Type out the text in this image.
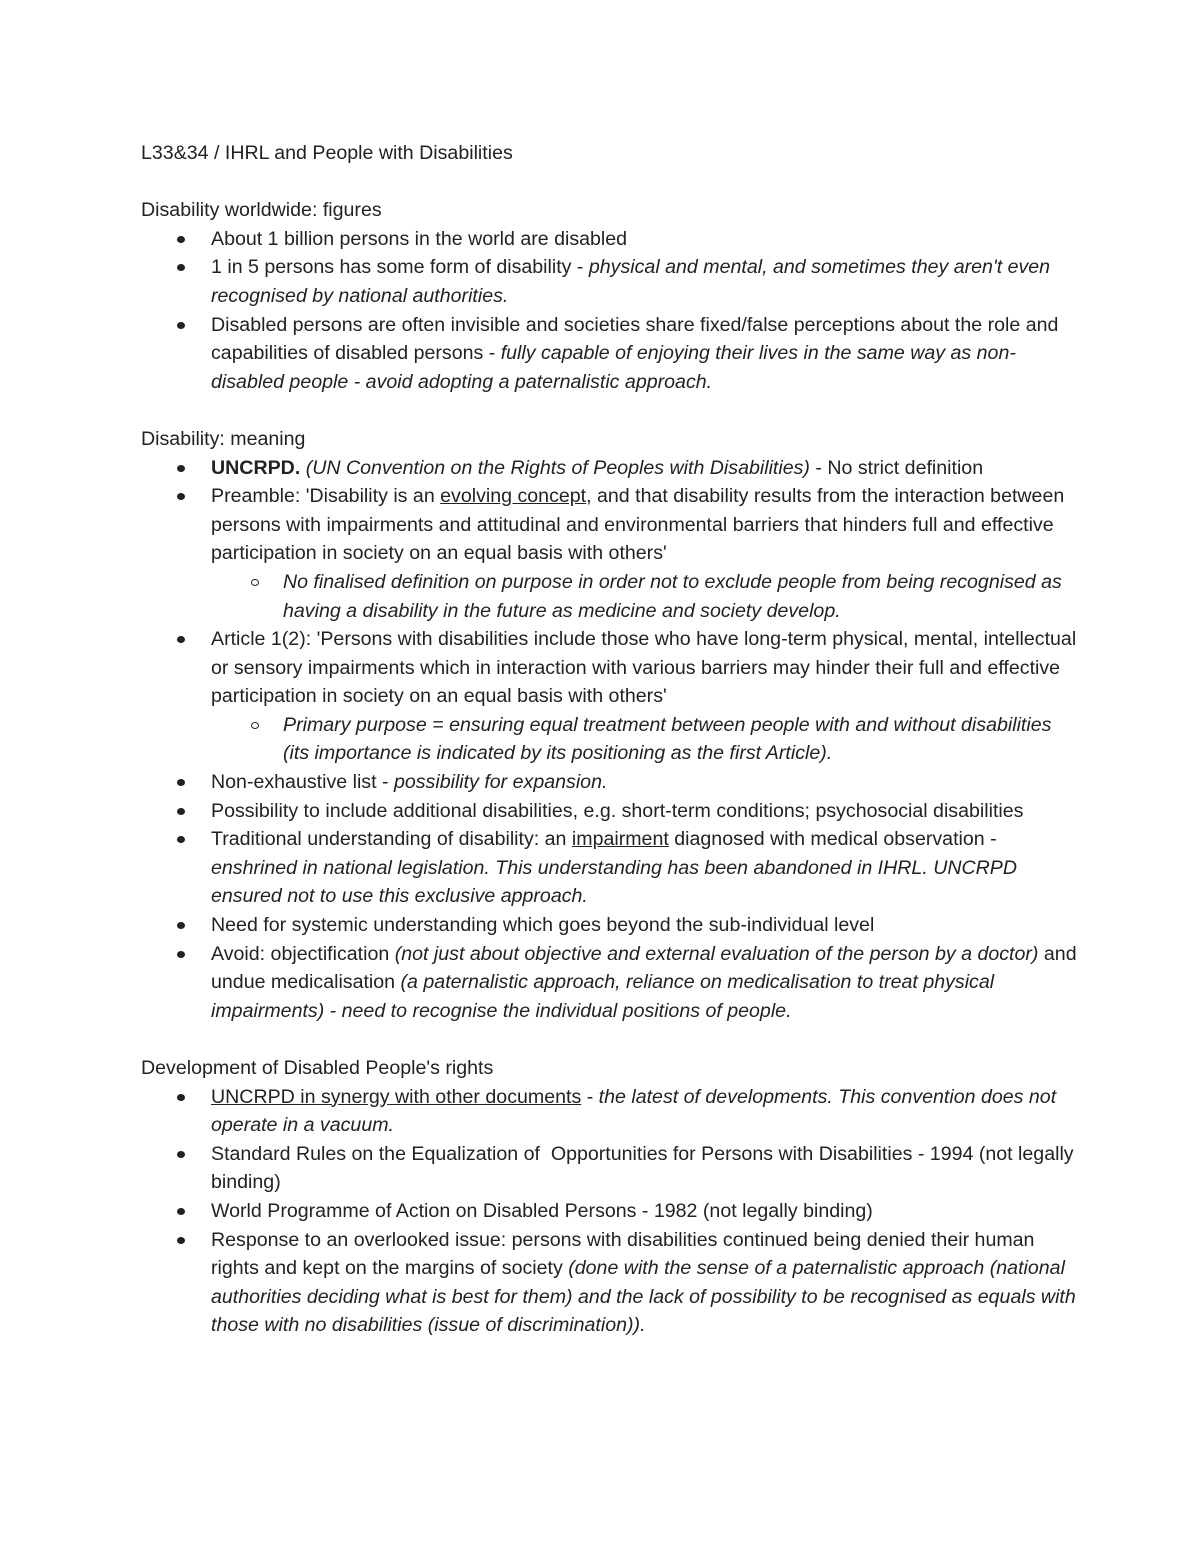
L33&34 / IHRL and People with Disabilities

Disability worldwide: figures

About 1 billion persons in the world are disabled
1 in 5 persons has some form of disability - physical and mental, and sometimes they aren't even recognised by national authorities.
Disabled persons are often invisible and societies share fixed/false perceptions about the role and capabilities of disabled persons - fully capable of enjoying their lives in the same way as non-disabled people - avoid adopting a paternalistic approach.

Disability: meaning

UNCRPD. (UN Convention on the Rights of Peoples with Disabilities) - No strict definition
Preamble: 'Disability is an evolving concept, and that disability results from the interaction between persons with impairments and attitudinal and environmental barriers that hinders full and effective participation in society on an equal basis with others'
No finalised definition on purpose in order not to exclude people from being recognised as having a disability in the future as medicine and society develop.
Article 1(2): 'Persons with disabilities include those who have long-term physical, mental, intellectual or sensory impairments which in interaction with various barriers may hinder their full and effective participation in society on an equal basis with others'
Primary purpose = ensuring equal treatment between people with and without disabilities (its importance is indicated by its positioning as the first Article).
Non-exhaustive list - possibility for expansion.
Possibility to include additional disabilities, e.g. short-term conditions; psychosocial disabilities
Traditional understanding of disability: an impairment diagnosed with medical observation - enshrined in national legislation. This understanding has been abandoned in IHRL. UNCRPD ensured not to use this exclusive approach.
Need for systemic understanding which goes beyond the sub-individual level
Avoid: objectification (not just about objective and external evaluation of the person by a doctor) and undue medicalisation (a paternalistic approach, reliance on medicalisation to treat physical impairments) - need to recognise the individual positions of people.

Development of Disabled People's rights

UNCRPD in synergy with other documents - the latest of developments. This convention does not operate in a vacuum.
Standard Rules on the Equalization of  Opportunities for Persons with Disabilities - 1994 (not legally binding)
World Programme of Action on Disabled Persons - 1982 (not legally binding)
Response to an overlooked issue: persons with disabilities continued being denied their human rights and kept on the margins of society (done with the sense of a paternalistic approach (national authorities deciding what is best for them) and the lack of possibility to be recognised as equals with those with no disabilities (issue of discrimination)).
